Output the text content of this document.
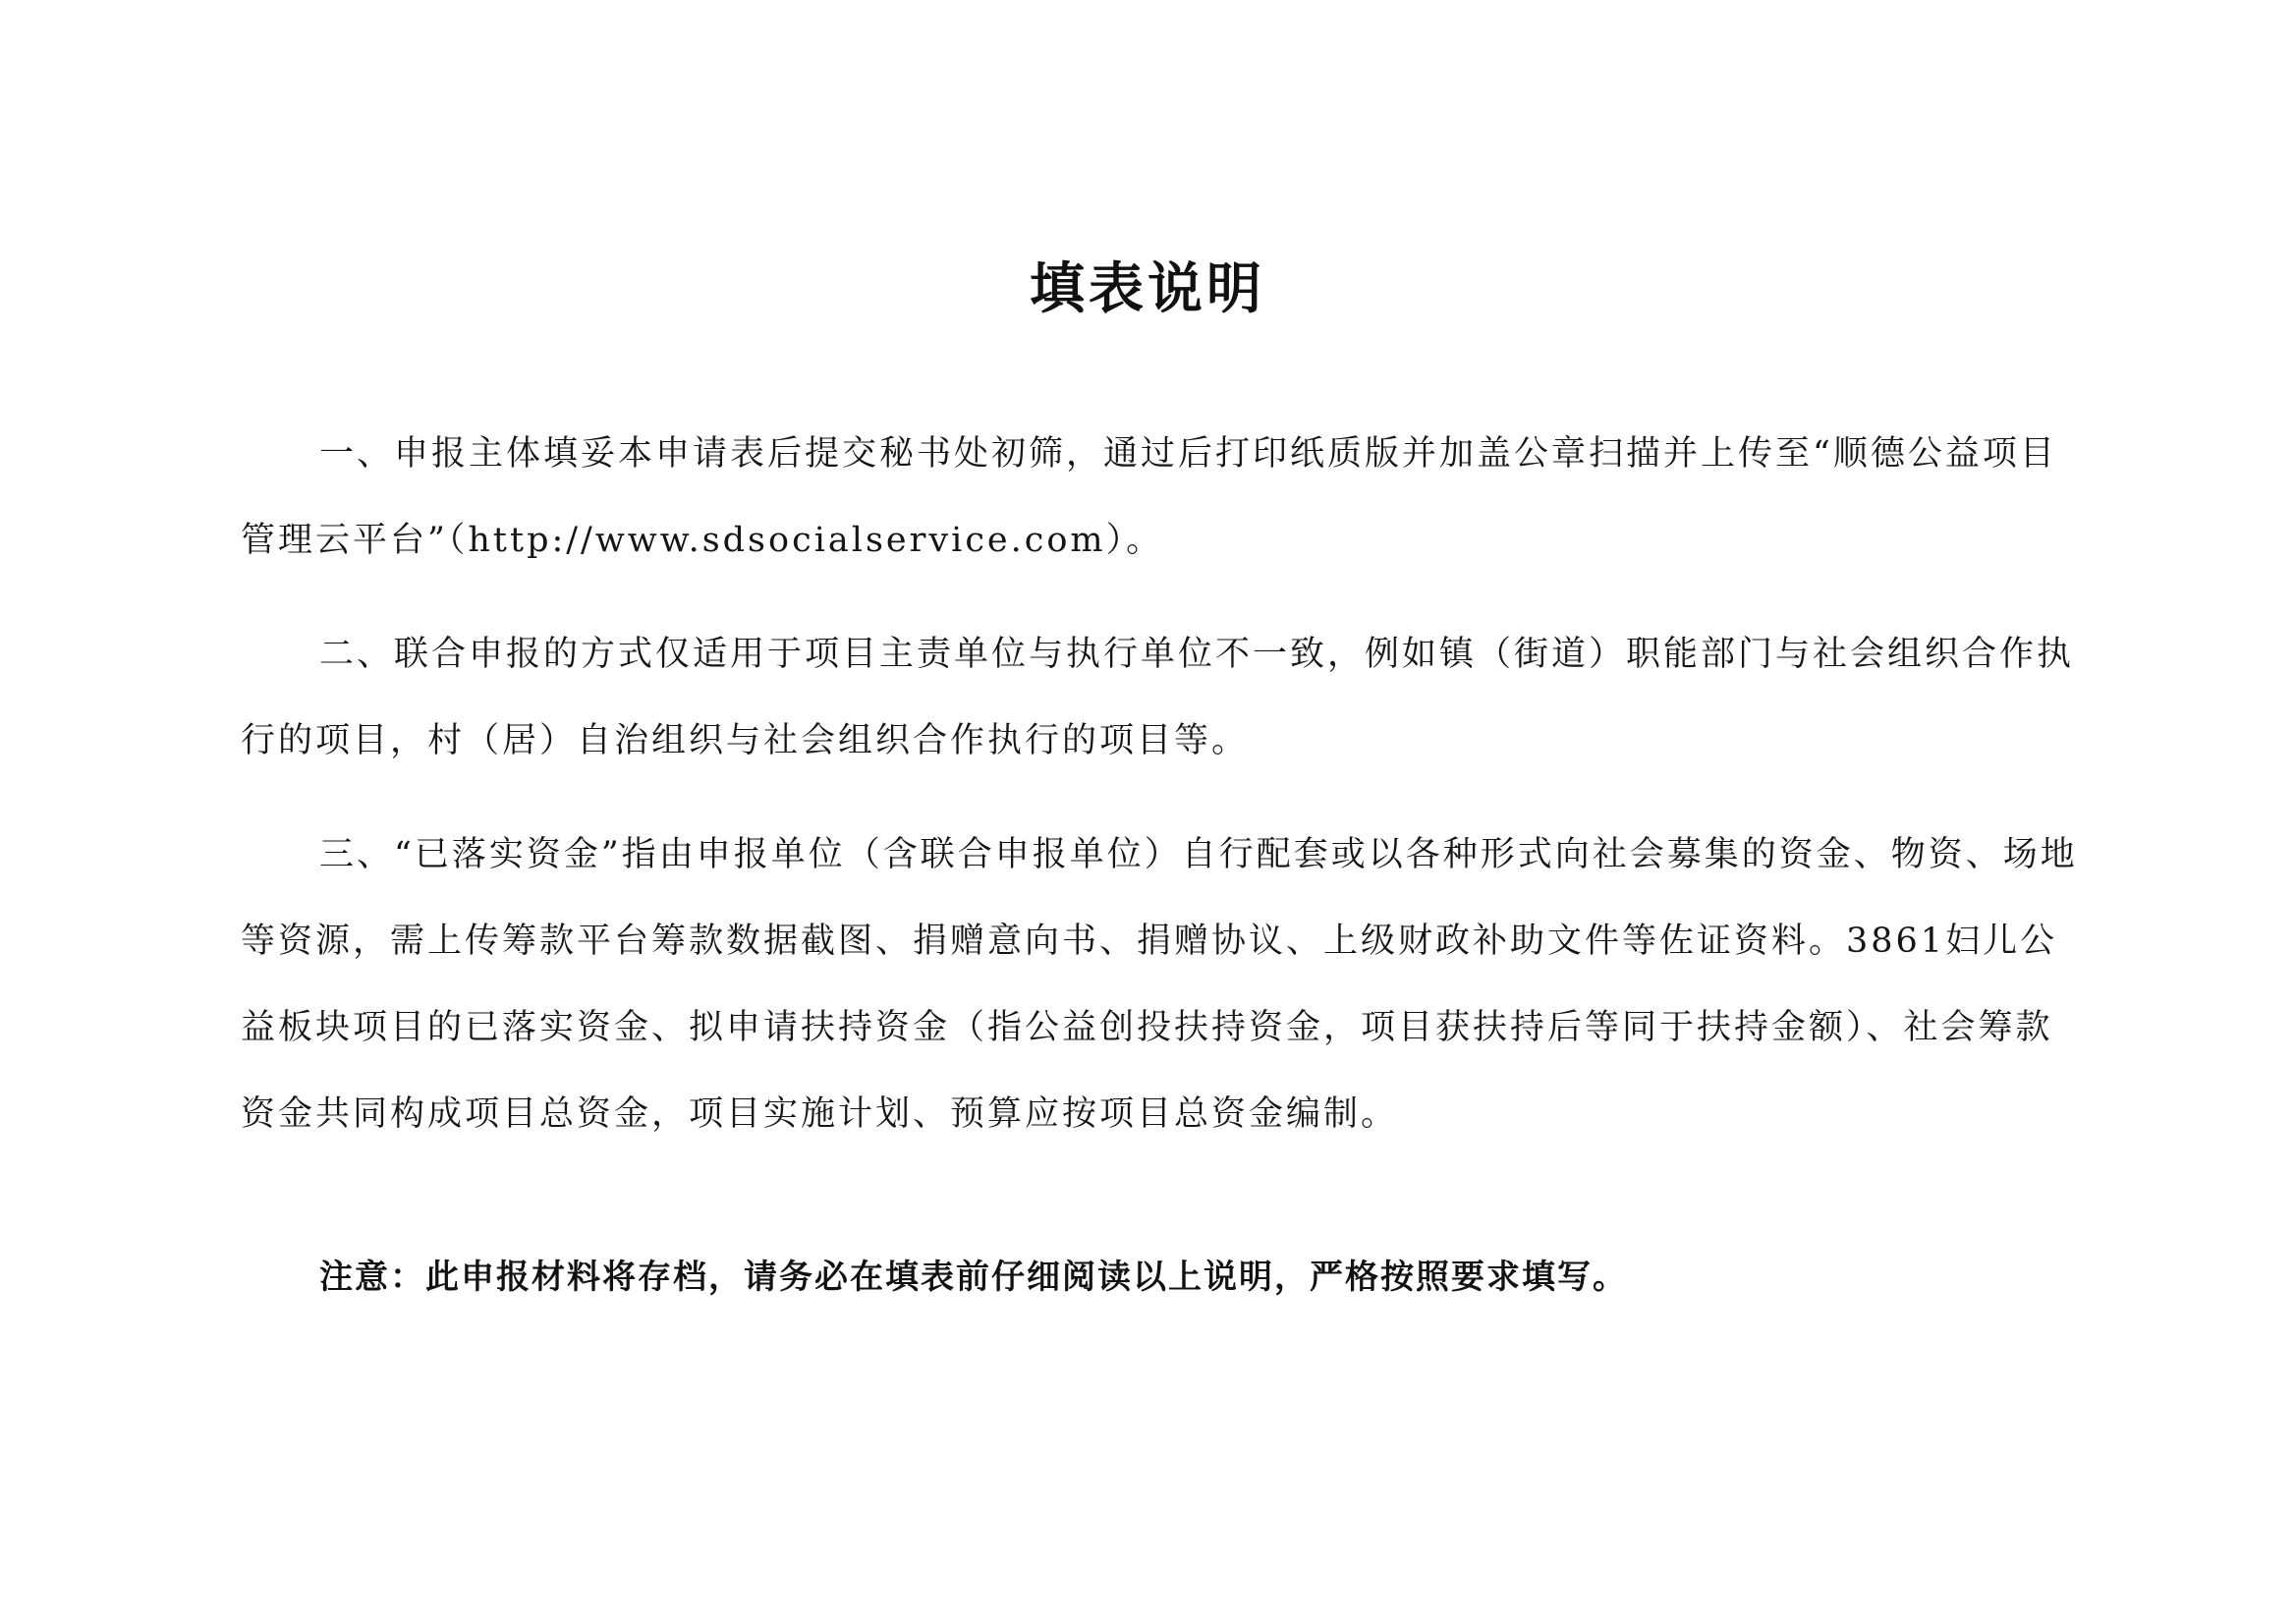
填表说明
一、申报主体填妥本申请表后提交秘书处初筛，通过后打印纸质版并加盖公章扫描并上传至“顺德公益项目管理云平台”（http://www.sdsocialservice.com）。
二、联合申报的方式仅适用于项目主责单位与执行单位不一致，例如镇（街道）职能部门与社会组织合作执行的项目，村（居）自治组织与社会组织合作执行的项目等。
三、“已落实资金”指由申报单位（含联合申报单位）自行配套或以各种形式向社会募集的资金、物资、场地等资源，需上传筹款平台筹款数据截图、捐赠意向书、捐赠协议、上级财政补助文件等佐证资料。3861妇儿公益板块项目的已落实资金、拟申请扶持资金（指公益创投扶持资金，项目获扶持后等同于扶持金额）、社会筹款资金共同构成项目总资金，项目实施计划、预算应按项目总资金编制。
注意：此申报材料将存档，请务必在填表前仔细阅读以上说明，严格按照要求填写。
